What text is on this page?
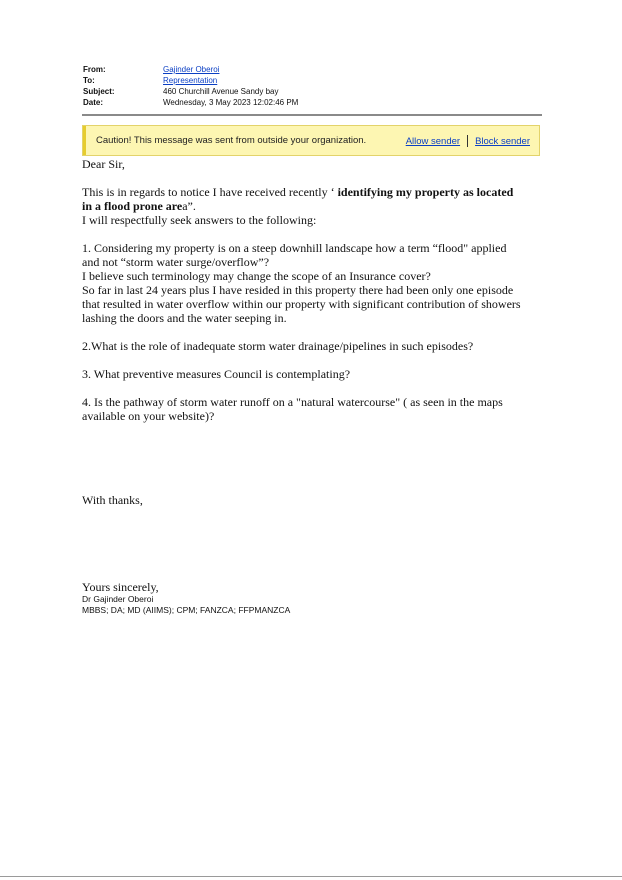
From:	Gajinder Oberoi
To:	Representation
Subject:	460 Churchill Avenue Sandy bay
Date:	Wednesday, 3 May 2023 12:02:46 PM
Caution! This message was sent from outside your organization.	Allow sender Block sender

Dear Sir,

This is in regards to notice I have received recently ‘ identifying my property as located
in a flood prone area”.

I will respectfully seek answers to the following:

1. Considering my property is on a steep downhill landscape how a term “flood" applied

and not “storm water surge/overflow”?

I believe such terminology may change the scope of an Insurance cover?

So far in last 24 years plus I have resided in this property there had been only one episode

that resulted in water overflow within our property with significant contribution of showers

lashing the doors and the water seeping in.

2.What is the role of inadequate storm water drainage/pipelines in such episodes?

3. What preventive measures Council is contemplating?

4. Is the pathway of storm water runoff on a "natural watercourse" ( as seen in the maps

available on your website)?

With thanks,

Yours sincerely,

Dr Gajinder Oberoi

MBBS; DA; MD (AIIMS); CPM; FANZCA; FFPMANZCA
